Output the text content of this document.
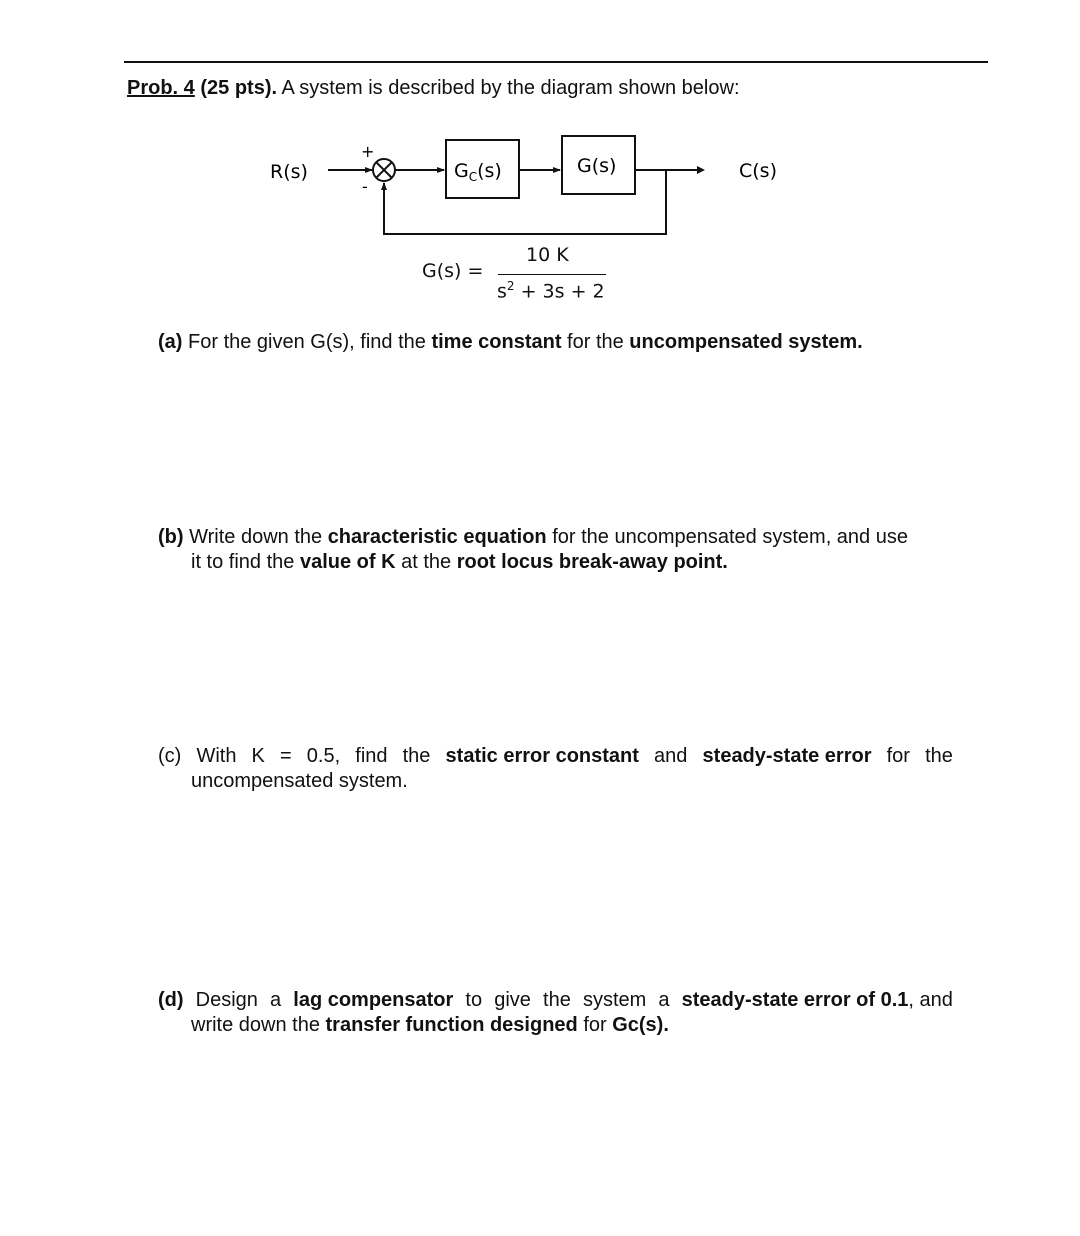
Prob. 4 (25 pts). A system is described by the diagram shown below:
R(s)
+
-
$G_C(s)$	G(s)	C(s)
G(s) =
10 K
$s^2 + 3s + 2$
(a) For the given G(s), find the time constant for the uncompensated system.
(b) Write down the characteristic equation for the uncompensated system, and use
it to find the value of K at the root locus break-away point.
(c) With K = 0.5, find the static error constant and steady-state error for the
uncompensated system.
(d) Design a lag compensator to give the system a steady-state error of 0.1, and
write down the transfer function designed for Gc(s).
